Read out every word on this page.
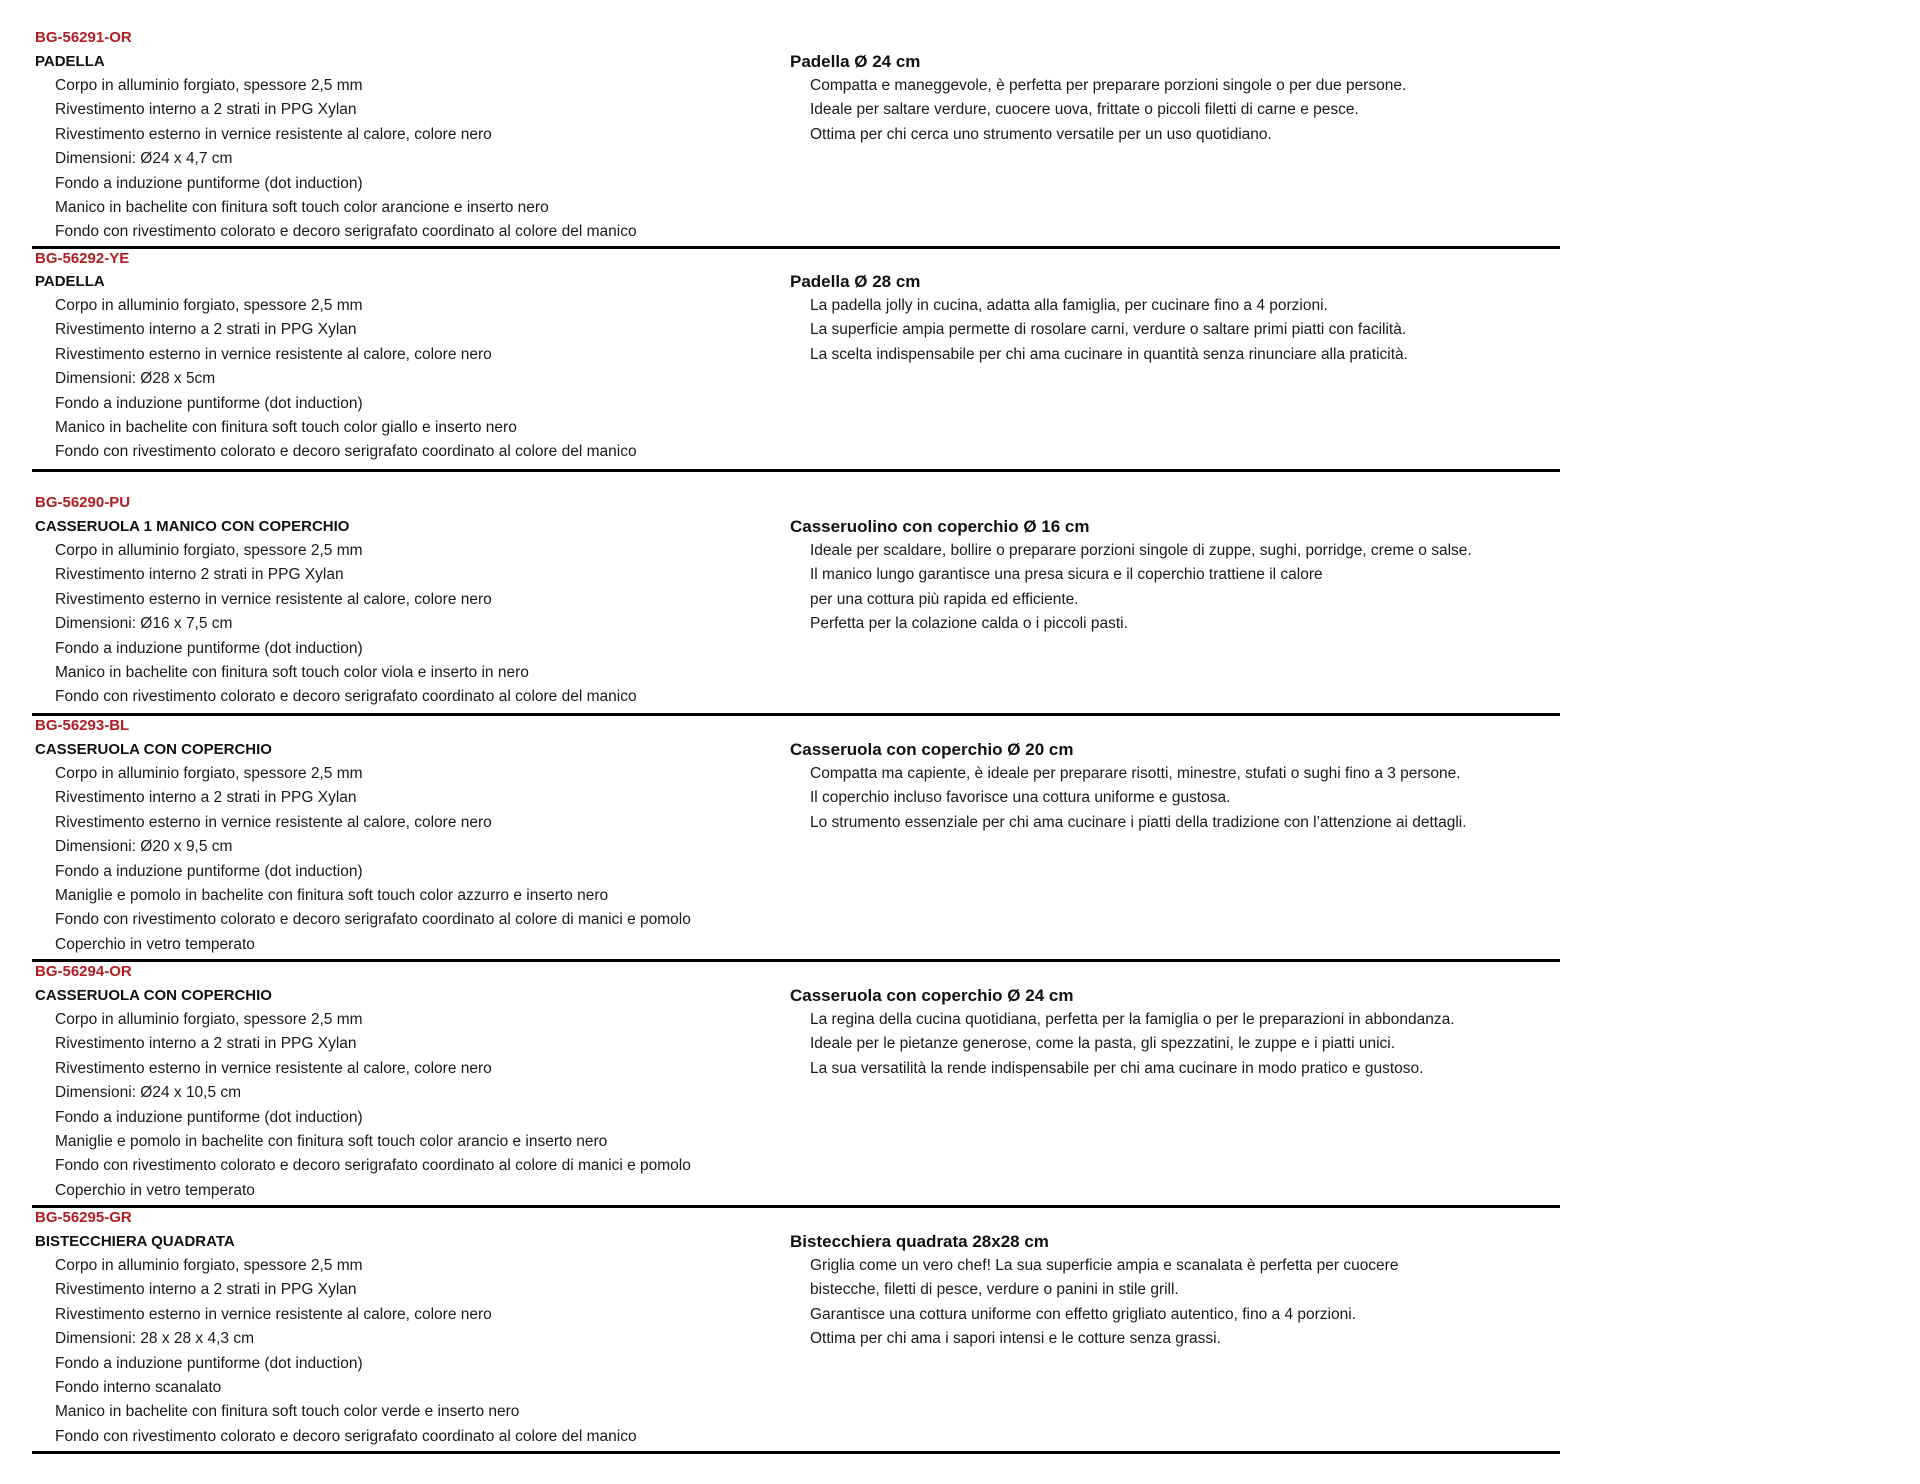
BG-56291-OR
PADELLA
Corpo in alluminio forgiato, spessore 2,5 mm
Rivestimento interno a 2 strati in PPG Xylan
Rivestimento esterno in vernice resistente al calore, colore nero
Dimensioni: Ø24 x 4,7 cm
Fondo a induzione puntiforme (dot induction)
Manico in bachelite con finitura soft touch color arancione e inserto nero
Fondo con rivestimento colorato e decoro serigrafato coordinato al colore del manico
Padella Ø 24 cm
Compatta e maneggevole, è perfetta per preparare porzioni singole o per due persone.
Ideale per saltare verdure, cuocere uova, frittate o piccoli filetti di carne e pesce.
Ottima per chi cerca uno strumento versatile per un uso quotidiano.
BG-56292-YE
PADELLA
Corpo in alluminio forgiato, spessore 2,5 mm
Rivestimento interno a 2 strati in PPG Xylan
Rivestimento esterno in vernice resistente al calore, colore nero
Dimensioni: Ø28 x 5cm
Fondo a induzione puntiforme (dot induction)
Manico in bachelite con finitura soft touch color giallo e inserto nero
Fondo con rivestimento colorato e decoro serigrafato coordinato al colore del manico
Padella Ø 28 cm
La padella jolly in cucina, adatta alla famiglia, per cucinare fino a 4 porzioni.
La superficie ampia permette di rosolare carni, verdure o saltare primi piatti con facilità.
La scelta indispensabile per chi ama cucinare in quantità senza rinunciare alla praticità.
BG-56290-PU
CASSERUOLA 1 MANICO CON COPERCHIO
Corpo in alluminio forgiato, spessore 2,5 mm
Rivestimento interno 2 strati in PPG Xylan
Rivestimento esterno in vernice resistente al calore, colore nero
Dimensioni: Ø16 x 7,5 cm
Fondo a induzione puntiforme (dot induction)
Manico in bachelite con finitura soft touch color viola e inserto in nero
Fondo con rivestimento colorato e decoro serigrafato coordinato al colore del manico
Casseruolino con coperchio Ø 16 cm
Ideale per scaldare, bollire o preparare porzioni singole di zuppe, sughi, porridge, creme o salse.
Il manico lungo garantisce una presa sicura e il coperchio trattiene il calore
per una cottura più rapida ed efficiente.
Perfetta per la colazione calda o i piccoli pasti.
BG-56293-BL
CASSERUOLA CON COPERCHIO
Corpo in alluminio forgiato, spessore 2,5 mm
Rivestimento interno a 2 strati in PPG Xylan
Rivestimento esterno in vernice resistente al calore, colore nero
Dimensioni: Ø20 x 9,5 cm
Fondo a induzione puntiforme (dot induction)
Maniglie e pomolo in bachelite con finitura soft touch color azzurro e inserto nero
Fondo con rivestimento colorato e decoro serigrafato coordinato al colore di manici e pomolo
Coperchio in vetro temperato
Casseruola con coperchio Ø 20 cm
Compatta ma capiente, è ideale per preparare risotti, minestre, stufati o sughi fino a 3 persone.
Il coperchio incluso favorisce una cottura uniforme e gustosa.
Lo strumento essenziale per chi ama cucinare i piatti della tradizione con l’attenzione ai dettagli.
BG-56294-OR
CASSERUOLA CON COPERCHIO
Corpo in alluminio forgiato, spessore 2,5 mm
Rivestimento interno a 2 strati in PPG Xylan
Rivestimento esterno in vernice resistente al calore, colore nero
Dimensioni: Ø24 x 10,5 cm
Fondo a induzione puntiforme (dot induction)
Maniglie e pomolo in bachelite con finitura soft touch color arancio e inserto nero
Fondo con rivestimento colorato e decoro serigrafato coordinato al colore di manici e pomolo
Coperchio in vetro temperato
Casseruola con coperchio Ø 24 cm
La regina della cucina quotidiana, perfetta per la famiglia o per le preparazioni in abbondanza.
Ideale per le pietanze generose, come la pasta, gli spezzatini, le zuppe e i piatti unici.
La sua versatilità la rende indispensabile per chi ama cucinare in modo pratico e gustoso.
BG-56295-GR
BISTECCHIERA QUADRATA
Corpo in alluminio forgiato, spessore 2,5 mm
Rivestimento interno a 2 strati in PPG Xylan
Rivestimento esterno in vernice resistente al calore, colore nero
Dimensioni: 28 x 28 x 4,3 cm
Fondo a induzione puntiforme (dot induction)
Fondo interno scanalato
Manico in bachelite con finitura soft touch color verde e inserto nero
Fondo con rivestimento colorato e decoro serigrafato coordinato al colore del manico
Bistecchiera quadrata 28x28 cm
Griglia come un vero chef! La sua superficie ampia e scanalata è perfetta per cuocere
bistecche, filetti di pesce, verdure o panini in stile grill.
Garantisce una cottura uniforme con effetto grigliato autentico, fino a 4 porzioni.
Ottima per chi ama i sapori intensi e le cotture senza grassi.
